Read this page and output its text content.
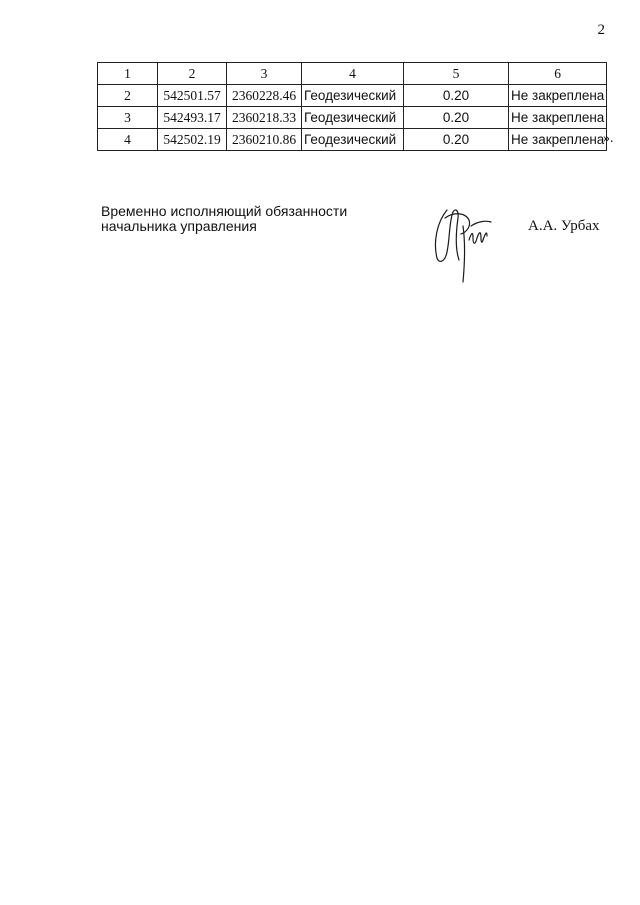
2
1	2	3	4	5	6
2	542501.57	2360228.46	Геодезический	0.20	Не закреплена
3	542493.17	2360218.33	Геодезический	0.20	Не закреплена
4	542502.19	2360210.86	Геодезический	0.20	Не закреплена
».
Временно исполняющий обязанности
начальника управления	А.А. Урбах
